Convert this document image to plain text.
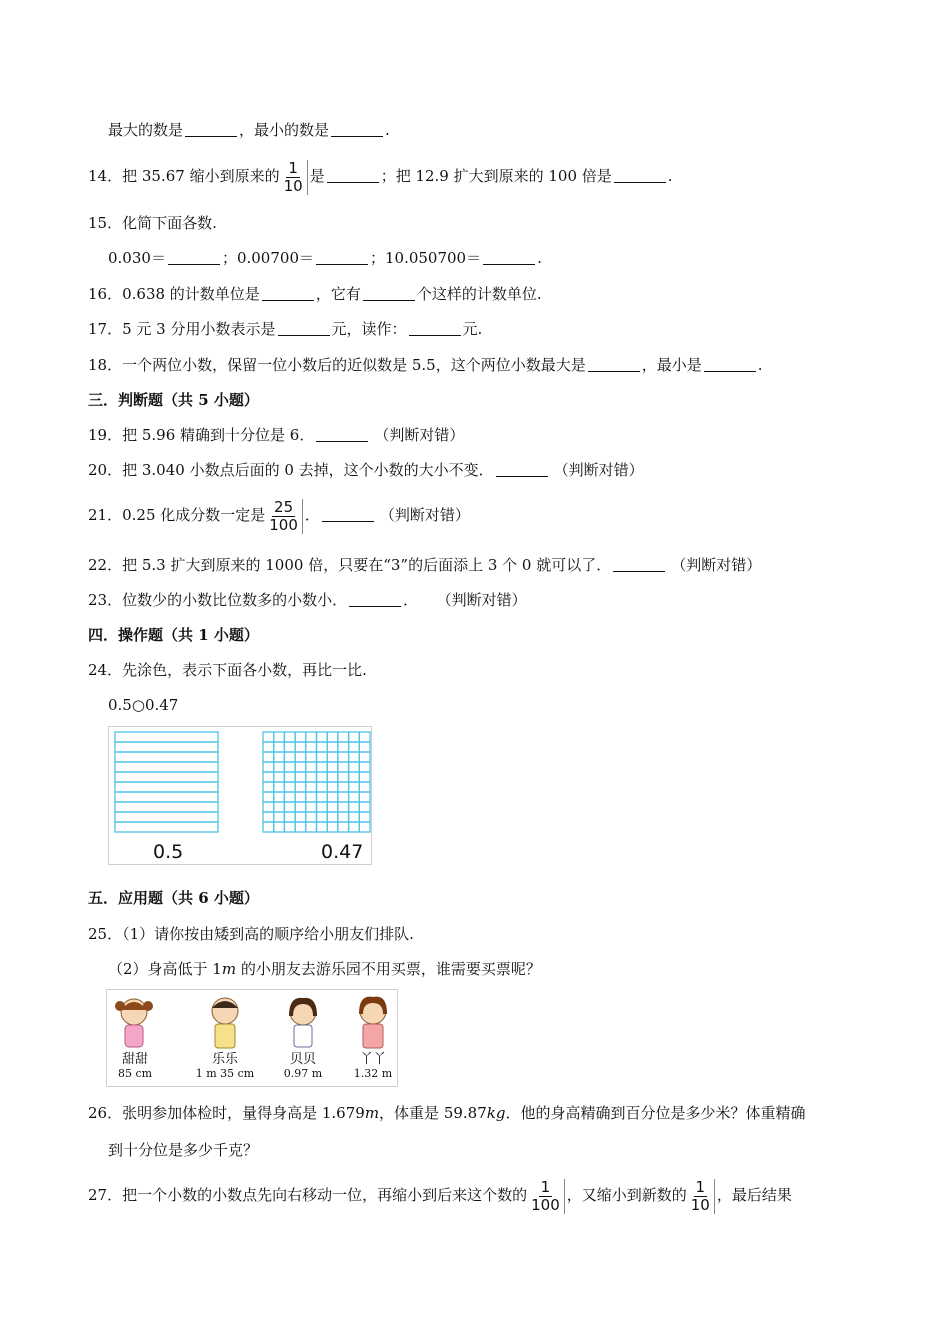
最大的数是	，最小的数是	.
14．把 35.67 缩小到原来的 $\frac{1}{10}$ 是	；把 12.9 扩大到原来的 100 倍是	.
15．化简下面各数.
0.030＝	；0.00700＝	；10.050700＝	.
16．0.638 的计数单位是	，它有	个这样的计数单位.
17．5 元 3 分用小数表示是	元，读作：	元.
18．一个两位小数，保留一位小数后的近似数是 5.5，这个两位小数最大是	，最小是	.
三．判断题（共 5 小题）
19．把 5.96 精确到十分位是 6．	（判断对错）
20．把 3.040 小数点后面的 0 去掉，这个小数的大小不变．	（判断对错）
21．0.25 化成分数一定是 $\frac{25}{100}$ ．	（判断对错）
22．把 5.3 扩大到原来的 1000 倍，只要在“3”的后面添上 3 个 0 就可以了．	（判断对错）
23．位数少的小数比位数多的小数小．	． （判断对错）
四．操作题（共 1 小题）
24．先涂色，表示下面各小数，再比一比.
0.5○0.47
0.5	0.47
五．应用题（共 6 小题）
25．（1）请你按由矮到高的顺序给小朋友们排队.
（2）身高低于 1m 的小朋友去游乐园不用买票，谁需要买票呢？
甜甜
85 cm
乐乐
1 m 35 cm
贝贝
0.97 m
丫丫
1.32 m
26．张明参加体检时，量得身高是 1.679m，体重是 59.87kg．他的身高精确到百分位是多少米？体重精确
到十分位是多少千克？
27．把一个小数的小数点先向右移动一位，再缩小到后来这个数的 $\frac{1}{100}$ ，又缩小到新数的 $\frac{1}{10}$ ，最后结果
